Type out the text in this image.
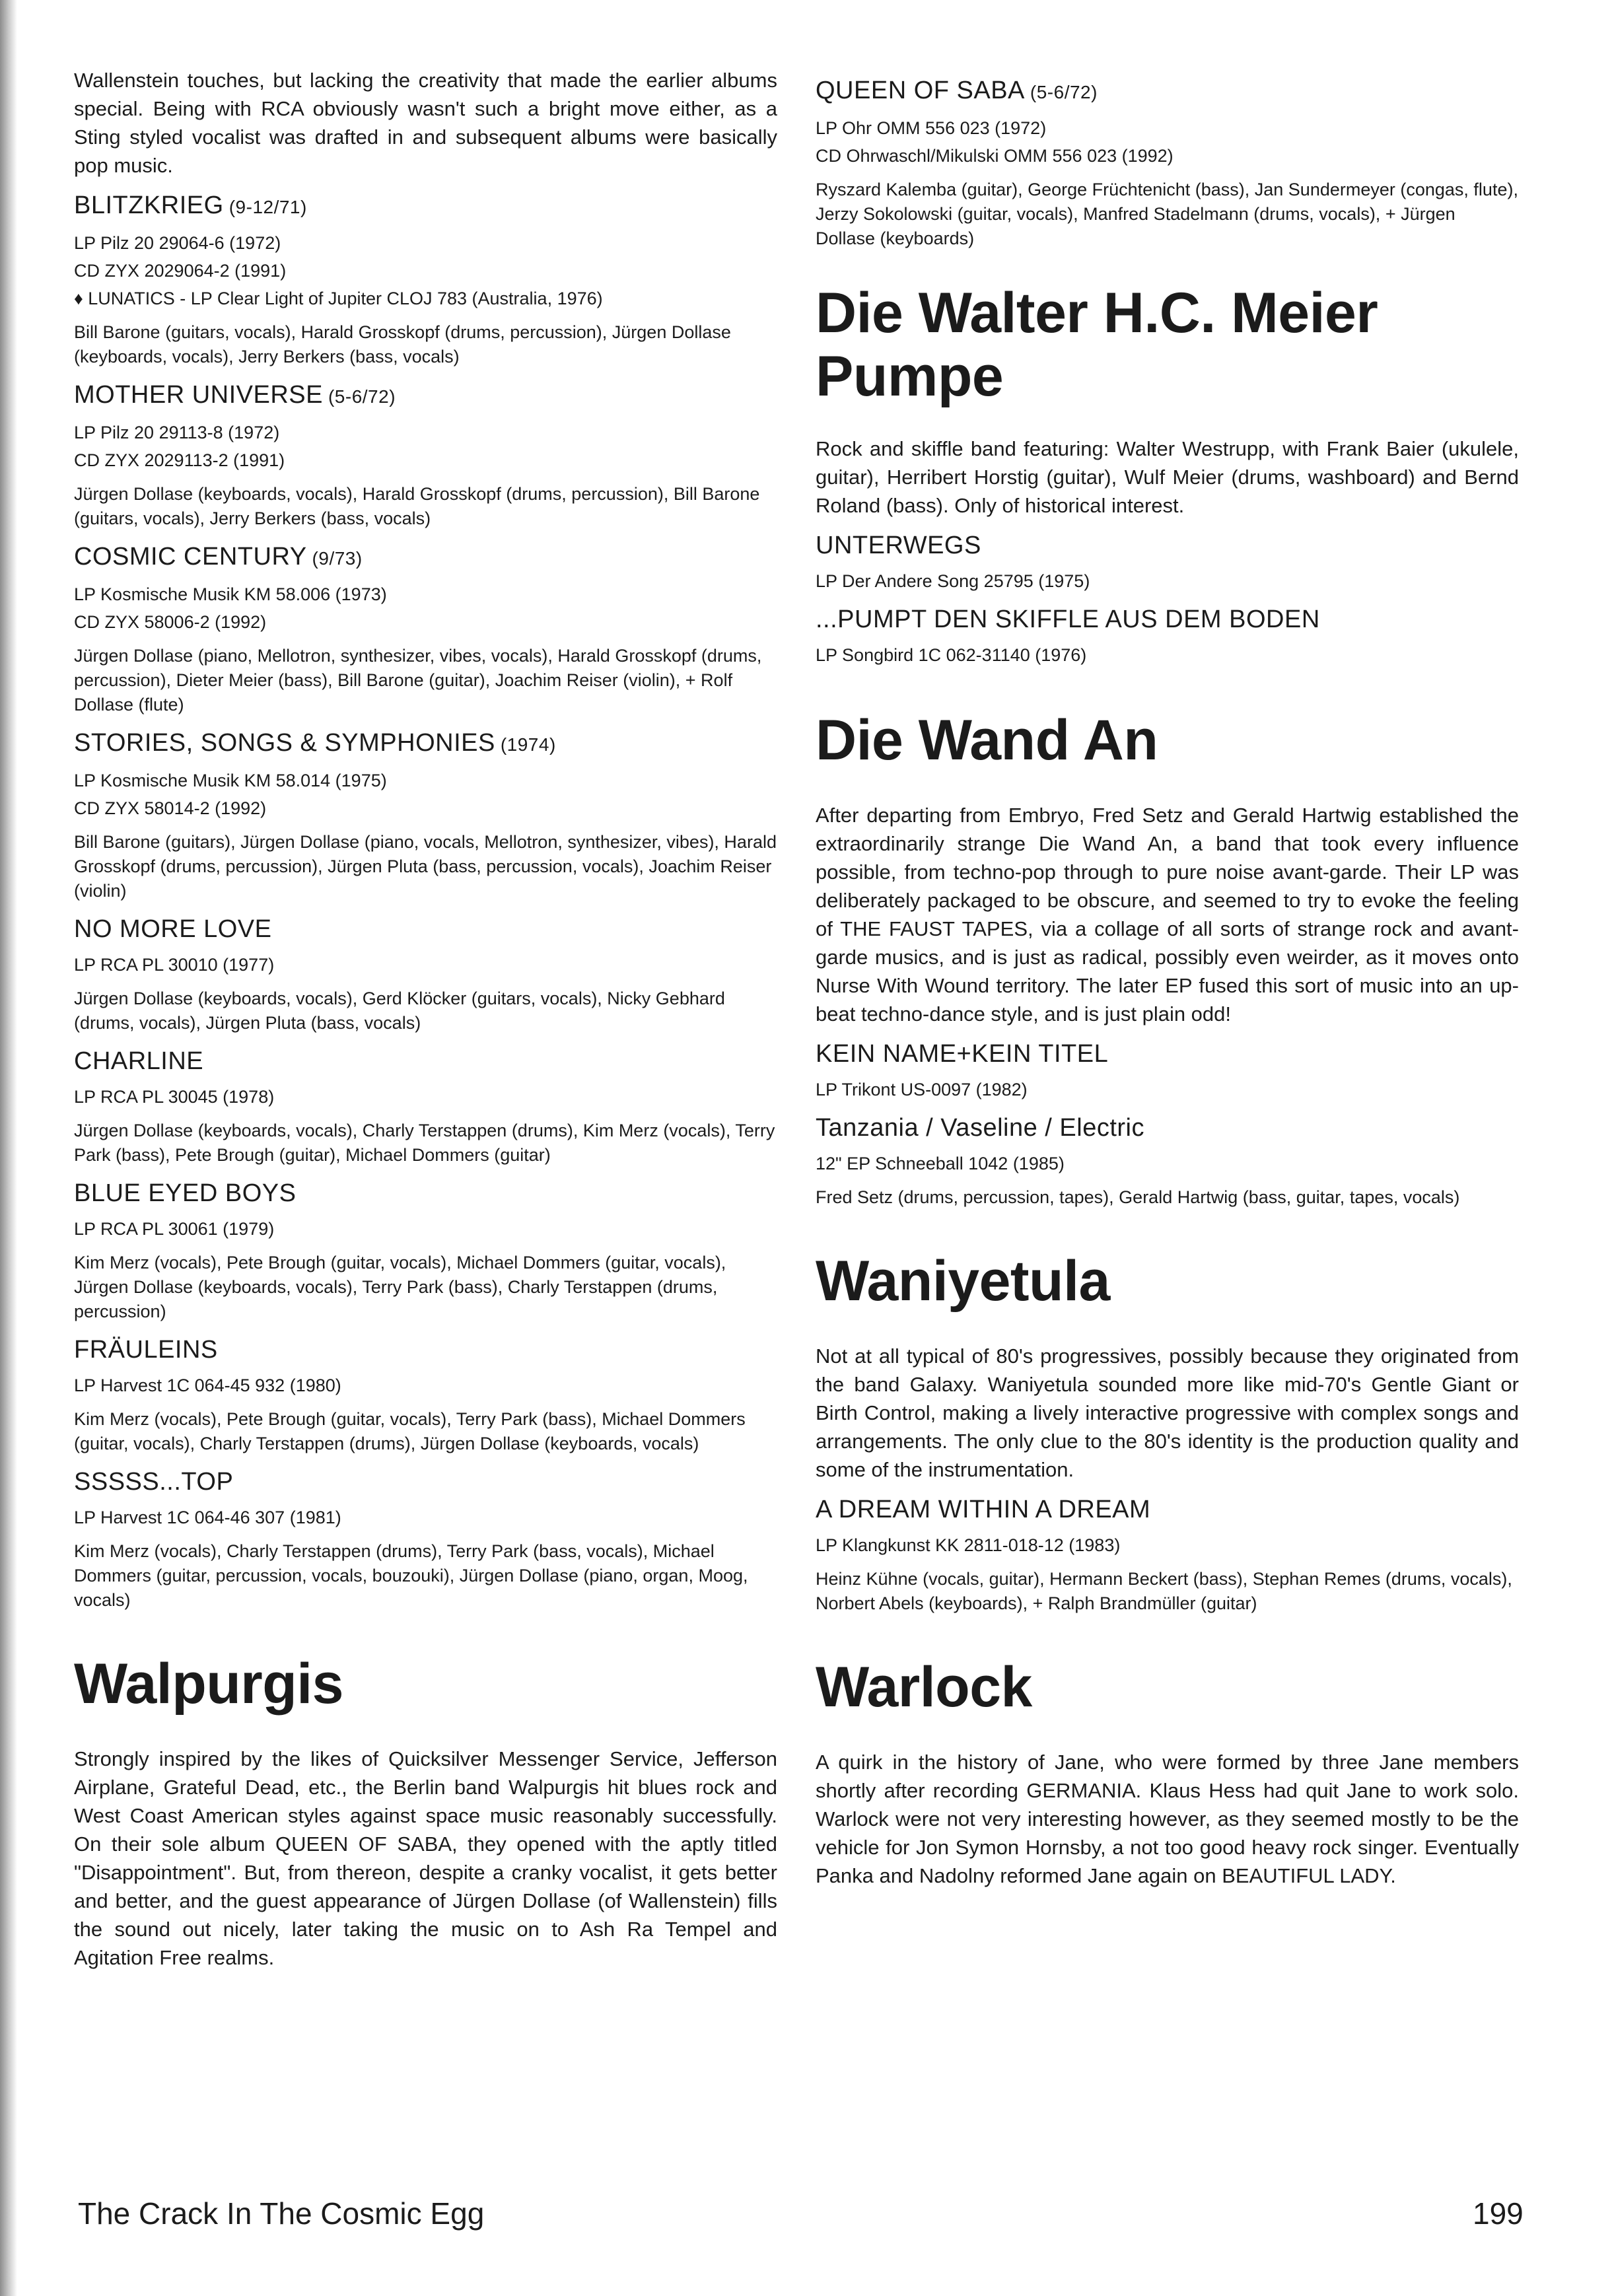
Wallenstein touches, but lacking the creativity that made the earlier albums special. Being with RCA obviously wasn't such a bright move either, as a Sting styled vocalist was drafted in and subsequent albums were basically pop music.

BLITZKRIEG (9-12/71)
LP Pilz 20 29064-6 (1972)
CD ZYX 2029064-2 (1991)
♦ LUNATICS - LP Clear Light of Jupiter CLOJ 783 (Australia, 1976)
Bill Barone (guitars, vocals), Harald Grosskopf (drums, percussion), Jürgen Dollase (keyboards, vocals), Jerry Berkers (bass, vocals)
MOTHER UNIVERSE (5-6/72)
LP Pilz 20 29113-8 (1972)
CD ZYX 2029113-2 (1991)
Jürgen Dollase (keyboards, vocals), Harald Grosskopf (drums, percussion), Bill Barone (guitars, vocals), Jerry Berkers (bass, vocals)
COSMIC CENTURY (9/73)
LP Kosmische Musik KM 58.006 (1973)
CD ZYX 58006-2 (1992)
Jürgen Dollase (piano, Mellotron, synthesizer, vibes, vocals), Harald Grosskopf (drums, percussion), Dieter Meier (bass), Bill Barone (guitar), Joachim Reiser (violin), + Rolf Dollase (flute)
STORIES, SONGS & SYMPHONIES (1974)
LP Kosmische Musik KM 58.014 (1975)
CD ZYX 58014-2 (1992)
Bill Barone (guitars), Jürgen Dollase (piano, vocals, Mellotron, synthesizer, vibes), Harald Grosskopf (drums, percussion), Jürgen Pluta (bass, percussion, vocals), Joachim Reiser (violin)
NO MORE LOVE
LP RCA PL 30010 (1977)
Jürgen Dollase (keyboards, vocals), Gerd Klöcker (guitars, vocals), Nicky Gebhard (drums, vocals), Jürgen Pluta (bass, vocals)
CHARLINE
LP RCA PL 30045 (1978)
Jürgen Dollase (keyboards, vocals), Charly Terstappen (drums), Kim Merz (vocals), Terry Park (bass), Pete Brough (guitar), Michael Dommers (guitar)
BLUE EYED BOYS
LP RCA PL 30061 (1979)
Kim Merz (vocals), Pete Brough (guitar, vocals), Michael Dommers (guitar, vocals), Jürgen Dollase (keyboards, vocals), Terry Park (bass), Charly Terstappen (drums, percussion)
FRÄULEINS
LP Harvest 1C 064-45 932 (1980)
Kim Merz (vocals), Pete Brough (guitar, vocals), Terry Park (bass), Michael Dommers (guitar, vocals), Charly Terstappen (drums), Jürgen Dollase (keyboards, vocals)
SSSSS...TOP
LP Harvest 1C 064-46 307 (1981)
Kim Merz (vocals), Charly Terstappen (drums), Terry Park (bass, vocals), Michael Dommers (guitar, percussion, vocals, bouzouki), Jürgen Dollase (piano, organ, Moog, vocals)
Walpurgis

Strongly inspired by the likes of Quicksilver Messenger Service, Jefferson Airplane, Grateful Dead, etc., the Berlin band Walpurgis hit blues rock and West Coast American styles against space music reasonably successfully. On their sole album QUEEN OF SABA, they opened with the aptly titled "Disappointment". But, from thereon, despite a cranky vocalist, it gets better and better, and the guest appearance of Jürgen Dollase (of Wallenstein) fills the sound out nicely, later taking the music on to Ash Ra Tempel and Agitation Free realms.

QUEEN OF SABA (5-6/72)
LP Ohr OMM 556 023 (1972)
CD Ohrwaschl/Mikulski OMM 556 023 (1992)
Ryszard Kalemba (guitar), George Früchtenicht (bass), Jan Sundermeyer (congas, flute), Jerzy Sokolowski (guitar, vocals), Manfred Stadelmann (drums, vocals), + Jürgen Dollase (keyboards)
Die Walter H.C. Meier Pumpe

Rock and skiffle band featuring: Walter Westrupp, with Frank Baier (ukulele, guitar), Herribert Horstig (guitar), Wulf Meier (drums, washboard) and Bernd Roland (bass). Only of historical interest.

UNTERWEGS
LP Der Andere Song 25795 (1975)
...PUMPT DEN SKIFFLE AUS DEM BODEN
LP Songbird 1C 062-31140 (1976)
Die Wand An

After departing from Embryo, Fred Setz and Gerald Hartwig established the extraordinarily strange Die Wand An, a band that took every influence possible, from techno-pop through to pure noise avant-garde. Their LP was deliberately packaged to be obscure, and seemed to try to evoke the feeling of THE FAUST TAPES, via a collage of all sorts of strange rock and avant-garde musics, and is just as radical, possibly even weirder, as it moves onto Nurse With Wound territory. The later EP fused this sort of music into an up-beat techno-dance style, and is just plain odd!

KEIN NAME+KEIN TITEL
LP Trikont US-0097 (1982)
Tanzania / Vaseline / Electric
12" EP Schneeball 1042 (1985)
Fred Setz (drums, percussion, tapes), Gerald Hartwig (bass, guitar, tapes, vocals)
Waniyetula

Not at all typical of 80's progressives, possibly because they originated from the band Galaxy. Waniyetula sounded more like mid-70's Gentle Giant or Birth Control, making a lively interactive progressive with complex songs and arrangements. The only clue to the 80's identity is the production quality and some of the instrumentation.

A DREAM WITHIN A DREAM
LP Klangkunst KK 2811-018-12 (1983)
Heinz Kühne (vocals, guitar), Hermann Beckert (bass), Stephan Remes (drums, vocals), Norbert Abels (keyboards), + Ralph Brandmüller (guitar)
Warlock

A quirk in the history of Jane, who were formed by three Jane members shortly after recording GERMANIA. Klaus Hess had quit Jane to work solo. Warlock were not very interesting however, as they seemed mostly to be the vehicle for Jon Symon Hornsby, a not too good heavy rock singer. Eventually Panka and Nadolny reformed Jane again on BEAUTIFUL LADY.

The Crack In The Cosmic Egg	199
